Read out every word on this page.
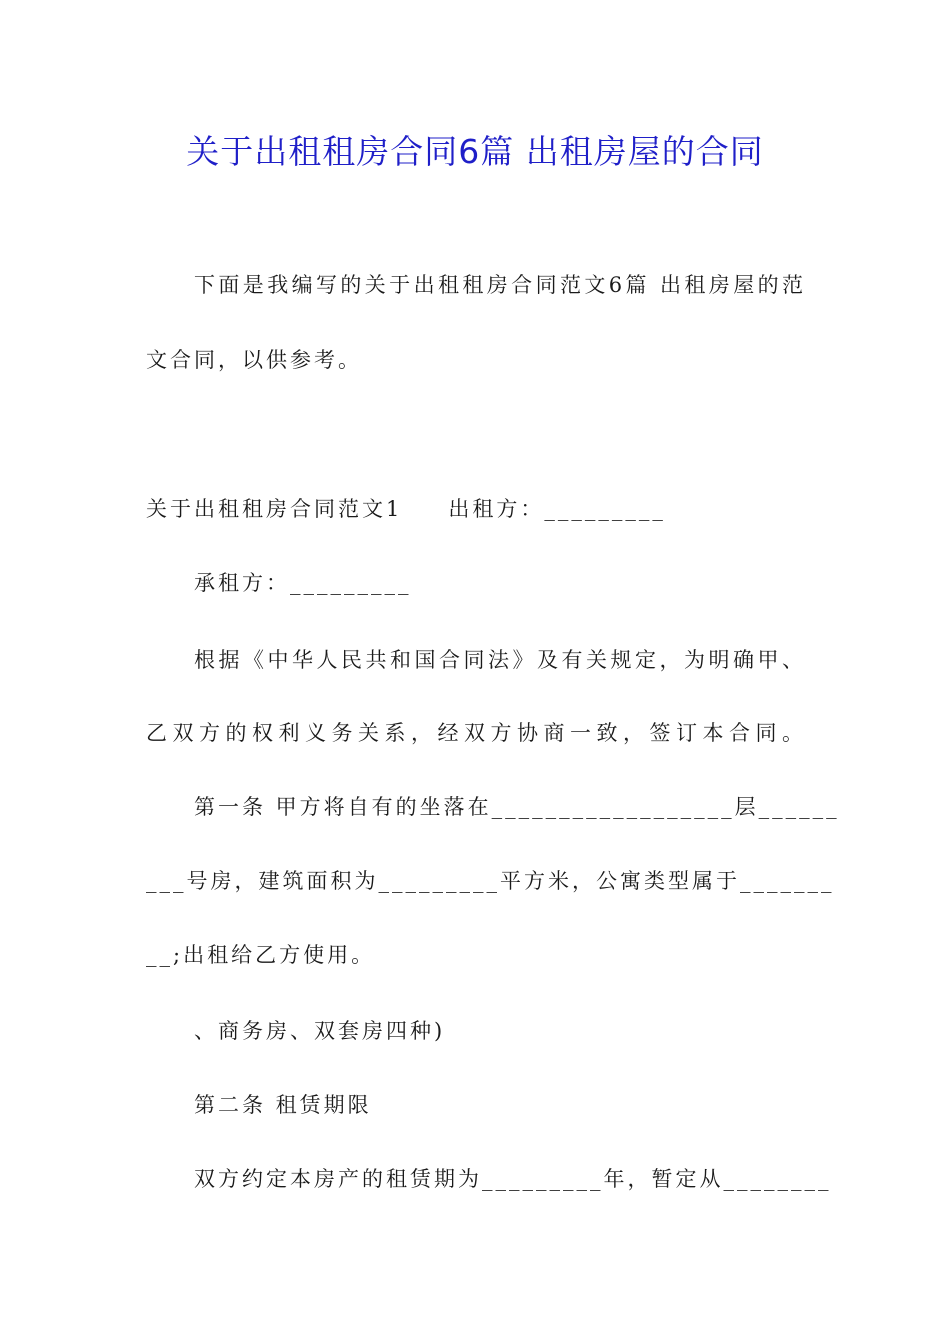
关于出租租房合同6篇 出租房屋的合同
下面是我编写的关于出租租房合同范文6篇 出租房屋的范
文合同，以供参考。
关于出租租房合同范文1 出租方：_________
承租方：_________
根据《中华人民共和国合同法》及有关规定，为明确甲、
乙双方的权利义务关系，经双方协商一致，签订本合同。
第一条 甲方将自有的坐落在__________________层______
___号房，建筑面积为_________平方米，公寓类型属于_______
__;出租给乙方使用。
、商务房、双套房四种)
第二条 租赁期限
双方约定本房产的租赁期为_________年，暂定从________
